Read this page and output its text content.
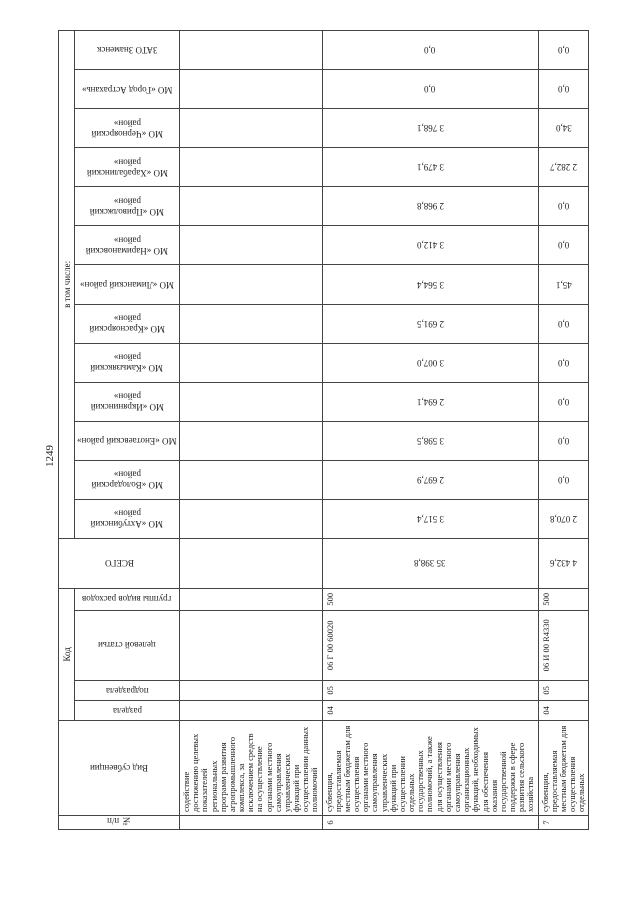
1249
№ п/п	Вид субвенции	Код				ВСЕГО	в том числе:												

		раздела	подраздела	целевой статьи	группы видов расходов		МО «Ахтубинский район»	МО «Володарский район»	МО «Енотаевский район»	МО «Икрянинский район»	МО «Камызякский район»	МО «Красноярский район»	МО «Лиманский район»	МО «Наримановский район»	МО «Приволжский район»	МО «Харабалинский район»	МО «Черноярский район»	МО «Город Астрахань»	ЗАТО Знаменск

	содействие достижению целевых показателей региональных программ развития агропромышленного комплекса, за исключением средств на осуществление органами местного самоуправления управленческих функций при осуществлении данных полномочий					

6	субвенция, предоставляемая местным бюджетам для осуществления органами местного самоуправления управленческих функций при осуществлении отдельных государственных полномочий, а также для осуществления органами местного самоуправления организационных функций, необходимых для обеспечения оказания государственной поддержки в сфере развития сельского хозяйства	04	05	06 Г 00 60020	500	35 398,8	3 517,4	2 697,9	3 598,5	2 694,1	3 007,0	2 691,5	3 564,4	3 412,0	2 968,8	3 479,1	3 768,1	0,0	0,0

7	субвенция, предоставляемая местным бюджетам для осуществления отдельных	04	05	06 И 00 R4330	500	4 432,6	2 070,8	0,0	0,0	0,0	0,0	0,0	45,1	0,0	0,0	2 282,7	34,0	0,0	0,0
